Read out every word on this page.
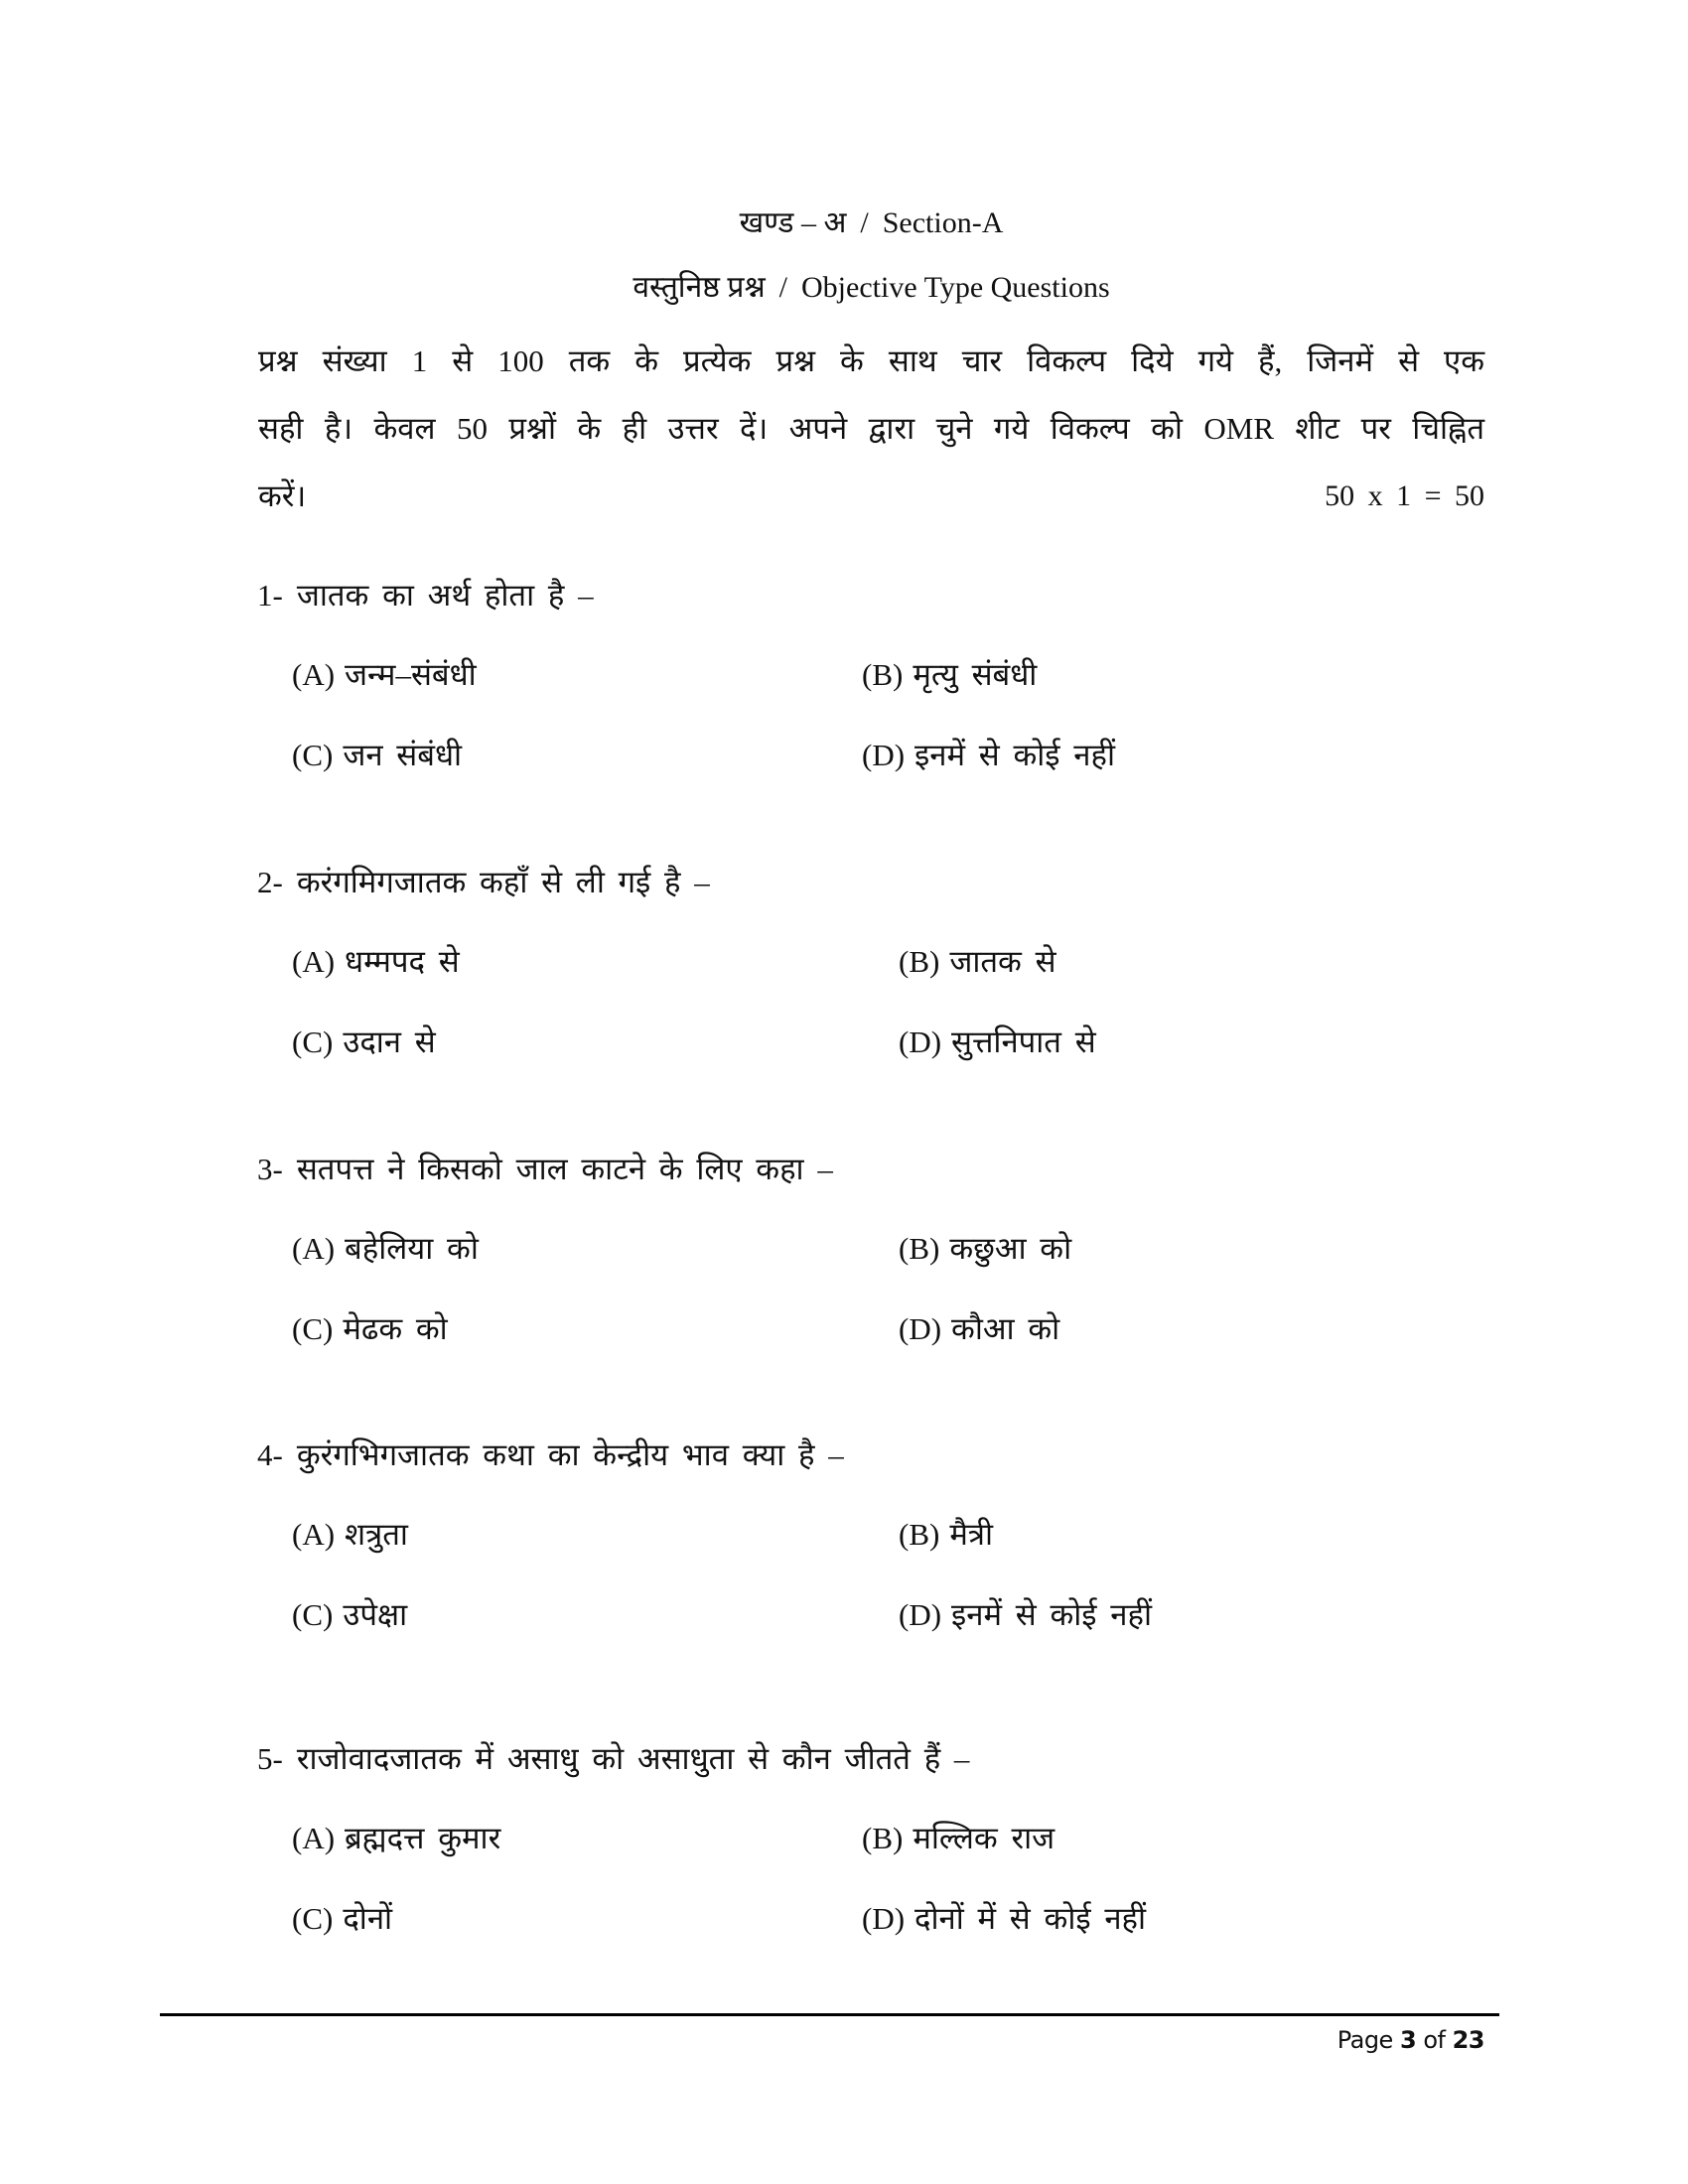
खण्ड – अ / Section-A
वस्तुनिष्ठ प्रश्न / Objective Type Questions
प्रश्न संख्या 1 से 100 तक के प्रत्येक प्रश्न के साथ चार विकल्प दिये गये हैं, जिनमें से एक
सही है। केवल 50 प्रश्नों के ही उत्तर दें। अपने द्वारा चुने गये विकल्प को OMR शीट पर चिह्नित
करें।	50 x 1 = 50
1- जातक का अर्थ होता है –
(A) जन्म–संबंधी	(B) मृत्यु संबंधी
(C) जन संबंधी	(D) इनमें से कोई नहीं
2- करंगमिगजातक कहाँ से ली गई है –
(A) धम्मपद से	(B) जातक से
(C) उदान से	(D) सुत्तनिपात से
3- सतपत्त ने किसको जाल काटने के लिए कहा –
(A) बहेलिया को	(B) कछुआ को
(C) मेढक को	(D) कौआ को
4- कुरंगभिगजातक कथा का केन्द्रीय भाव क्या है –
(A) शत्रुता	(B) मैत्री
(C) उपेक्षा	(D) इनमें से कोई नहीं
5- राजोवादजातक में असाधु को असाधुता से कौन जीतते हैं –
(A) ब्रह्मदत्त कुमार	(B) मल्लिक राज
(C) दोनों	(D) दोनों में से कोई नहीं
Page 3 of 23
